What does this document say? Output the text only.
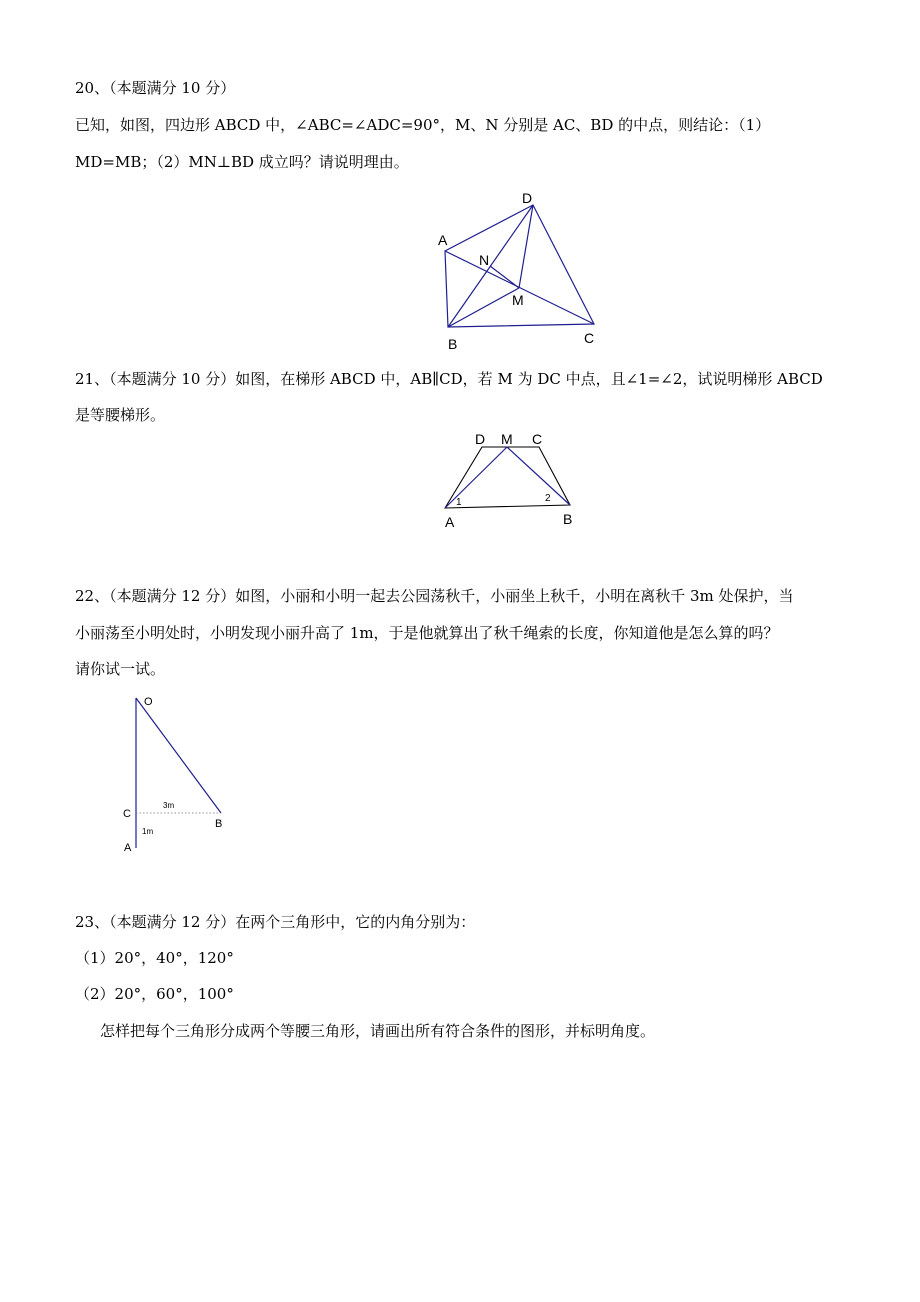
20、（本题满分 10 分）
已知，如图，四边形 ABCD 中，∠ABC=∠ADC=90°，M、N 分别是 AC、BD 的中点，则结论：（1）
MD=MB；（2）MN⊥BD 成立吗？请说明理由。
A
B	C
D
M
N
21、（本题满分 10 分）如图，在梯形 ABCD 中，AB∥CD，若 M 为 DC 中点，且∠1=∠2，试说明梯形 ABCD
是等腰梯形。
D M C
A	B
1	2
22、（本题满分 12 分）如图，小丽和小明一起去公园荡秋千，小丽坐上秋千，小明在离秋千 3m 处保护，当
小丽荡至小明处时，小明发现小丽升高了 1m，于是他就算出了秋千绳索的长度，你知道他是怎么算的吗？
请你试一试。
O
C
A
B
3m
1m
23、（本题满分 12 分）在两个三角形中，它的内角分别为：
（1）20°，40°，120°
（2）20°，60°，100°
怎样把每个三角形分成两个等腰三角形，请画出所有符合条件的图形，并标明角度。
